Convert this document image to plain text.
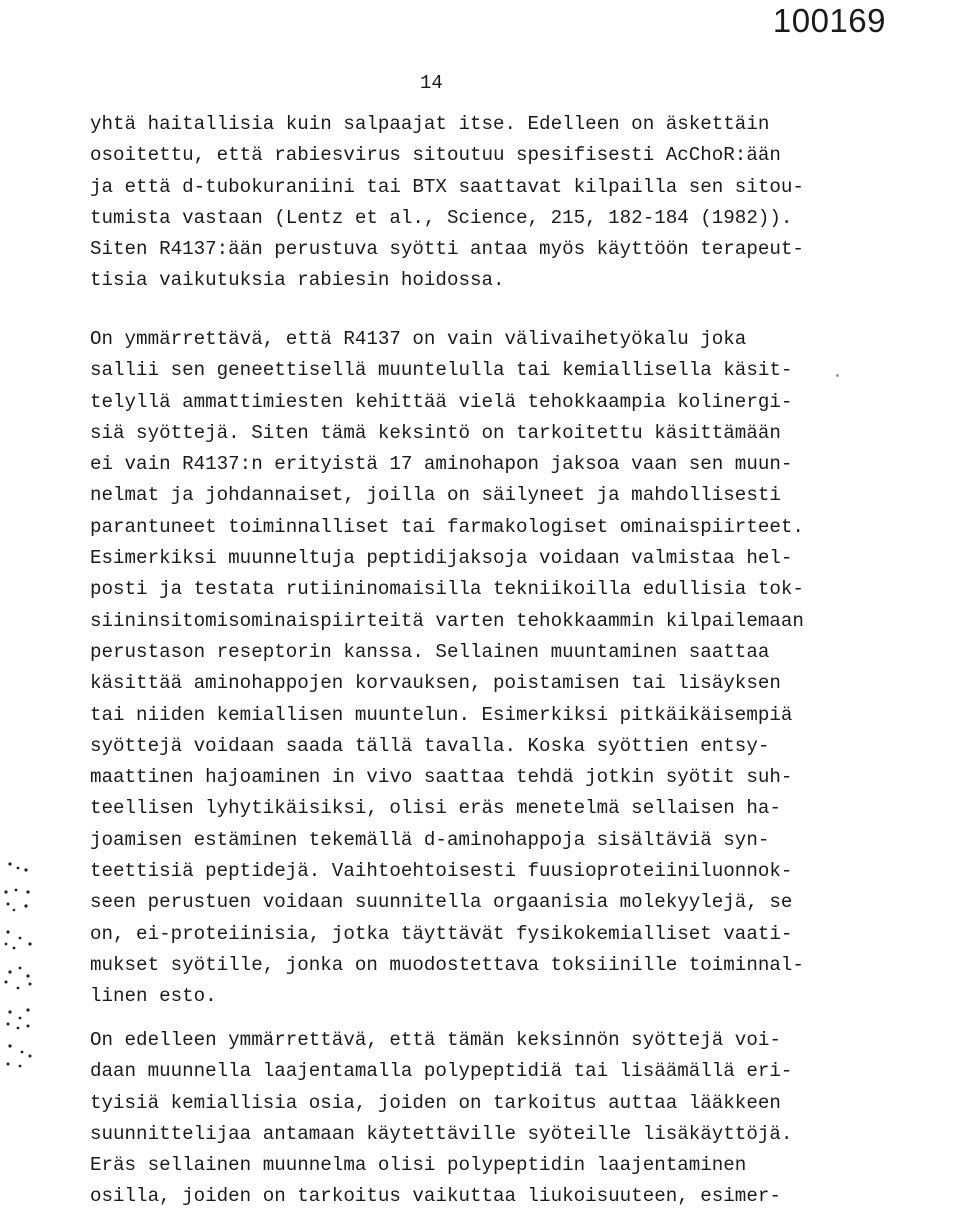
100169
14
yhtä haitallisia kuin salpaajat itse. Edelleen on äskettäin
osoitettu, että rabiesvirus sitoutuu spesifisesti AcChoR:ään
ja että d-tubokuraniini tai BTX saattavat kilpailla sen sitou-
tumista vastaan (Lentz et al., Science, 215, 182-184 (1982)).
Siten R4137:ään perustuva syötti antaa myös käyttöön terapeut-
tisia vaikutuksia rabiesin hoidossa.
On ymmärrettävä, että R4137 on vain välivaihetyökalu joka
sallii sen geneettisellä muuntelulla tai kemiallisella käsit-
telyllä ammattimiesten kehittää vielä tehokkaampia kolinergi-
siä syöttejä. Siten tämä keksintö on tarkoitettu käsittämään
ei vain R4137:n erityistä 17 aminohapon jaksoa vaan sen muun-
nelmat ja johdannaiset, joilla on säilyneet ja mahdollisesti
parantuneet toiminnalliset tai farmakologiset ominaispiirteet.
Esimerkiksi muunneltuja peptidijaksoja voidaan valmistaa hel-
posti ja testata rutiininomaisilla tekniikoilla edullisia tok-
siininsitomisominaispiirteitä varten tehokkaammin kilpailemaan
perustason reseptorin kanssa. Sellainen muuntaminen saattaa
käsittää aminohappojen korvauksen, poistamisen tai lisäyksen
tai niiden kemiallisen muuntelun. Esimerkiksi pitkäikäisempiä
syöttejä voidaan saada tällä tavalla. Koska syöttien entsy-
maattinen hajoaminen in vivo saattaa tehdä jotkin syötit suh-
teellisen lyhytikäisiksi, olisi eräs menetelmä sellaisen ha-
joamisen estäminen tekemällä d-aminohappoja sisältäviä syn-
teettisiä peptidejä. Vaihtoehtoisesti fuusioproteiiniluonnok-
seen perustuen voidaan suunnitella orgaanisia molekyylejä, se
on, ei-proteiinisia, jotka täyttävät fysikokemialliset vaati-
mukset syötille, jonka on muodostettava toksiinille toiminnal-
linen esto.
On edelleen ymmärrettävä, että tämän keksinnön syöttejä voi-
daan muunnella laajentamalla polypeptidiä tai lisäämällä eri-
tyisiä kemiallisia osia, joiden on tarkoitus auttaa lääkkeen
suunnittelijaa antamaan käytettäville syöteille lisäkäyttöjä.
Eräs sellainen muunnelma olisi polypeptidin laajentaminen
osilla, joiden on tarkoitus vaikuttaa liukoisuuteen, esimer-
